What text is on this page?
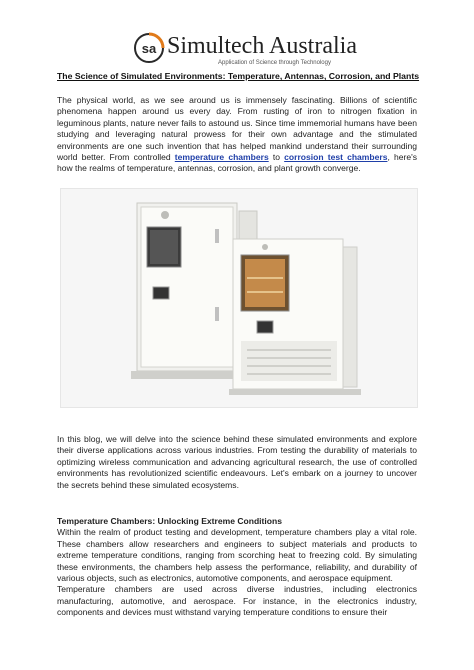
sa Simultech Australia
Application of Science through Technology
The Science of Simulated Environments: Temperature, Antennas, Corrosion, and Plants
The physical world, as we see around us is immensely fascinating. Billions of scientific phenomena happen around us every day. From rusting of iron to nitrogen fixation in leguminous plants, nature never fails to astound us. Since time immemorial humans have been studying and leveraging natural prowess for their own advantage and the stimulated environments are one such invention that has helped mankind understand their surrounding world better. From controlled temperature chambers to corrosion test chambers, here's how the realms of temperature, antennas, corrosion, and plant growth converge.
In this blog, we will delve into the science behind these simulated environments and explore their diverse applications across various industries. From testing the durability of materials to optimizing wireless communication and advancing agricultural research, the use of controlled environments has revolutionized scientific endeavours. Let's embark on a journey to uncover the secrets behind these simulated ecosystems.
Temperature Chambers: Unlocking Extreme Conditions
Within the realm of product testing and development, temperature chambers play a vital role. These chambers allow researchers and engineers to subject materials and products to extreme temperature conditions, ranging from scorching heat to freezing cold. By simulating these environments, the chambers help assess the performance, reliability, and durability of various objects, such as electronics, automotive components, and aerospace equipment.
Temperature chambers are used across diverse industries, including electronics manufacturing, automotive, and aerospace. For instance, in the electronics industry, components and devices must withstand varying temperature conditions to ensure their
